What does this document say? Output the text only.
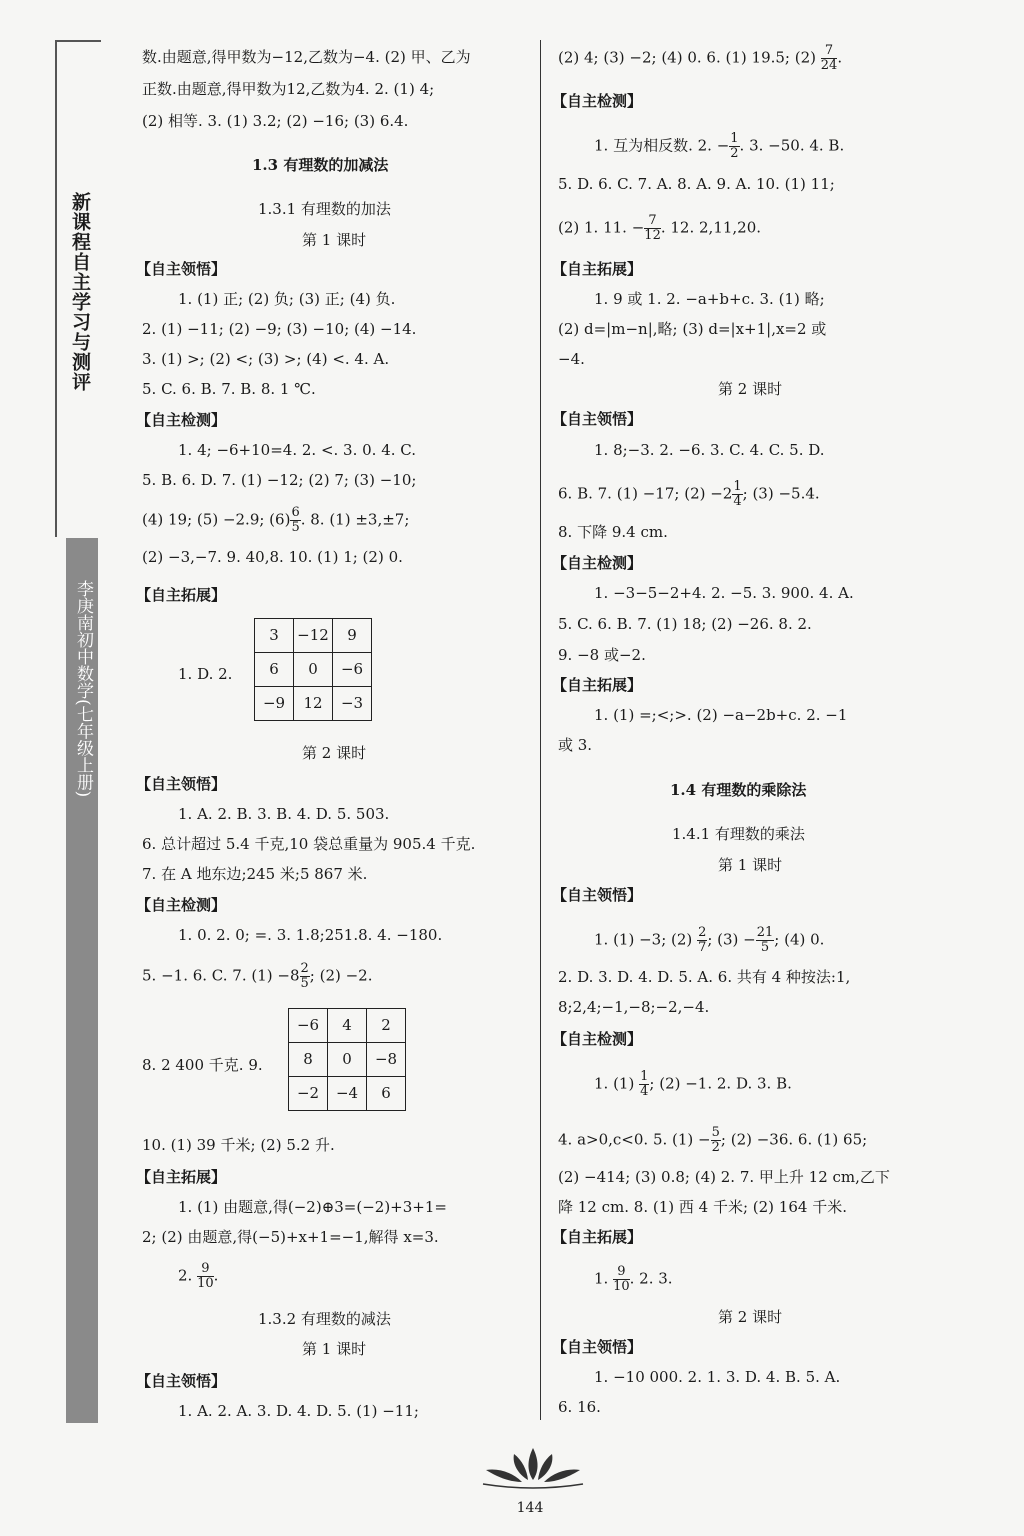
新课程自主学习与测评
李庚南初中数学(七年级上册)
数.由题意,得甲数为−12,乙数为−4. (2) 甲、乙为
正数.由题意,得甲数为12,乙数为4. 2. (1) 4;
(2) 相等. 3. (1) 3.2; (2) −16; (3) 6.4.
1.3 有理数的加减法
1.3.1 有理数的加法
第 1 课时
【自主领悟】
1. (1) 正; (2) 负; (3) 正; (4) 负.
2. (1) −11; (2) −9; (3) −10; (4) −14.
3. (1) >; (2) <; (3) >; (4) <. 4. A.
5. C. 6. B. 7. B. 8. 1 ℃.
【自主检测】
1. 4; −6+10=4. 2. <. 3. 0. 4. C.
5. B. 6. D. 7. (1) −12; (2) 7; (3) −10;
(4) 19; (5) −2.9; $(6) \frac{6}{5}$ . 8. (1) ±3,±7;
(2) −3,−7. 9. 40,8. 10. (1) 1; (2) 0.
【自主拓展】
1. D. 2.
3	−12	9
6	0	−6
−9	12	−3
第 2 课时
【自主领悟】
1. A. 2. B. 3. B. 4. D. 5. 503.
6. 总计超过 5.4 千克,10 袋总重量为 905.4 千克.
7. 在 A 地东边;245 米;5 867 米.
【自主检测】
1. 0. 2. 0; =. 3. 1.8;251.8. 4. −180.
5. −1. 6. C. 7. $(1) -8 \frac{2}{5}$ ; (2) −2.
8. 2 400 千克. 9.
−6	4	2
8	0	−8
−2	−4	6
10. (1) 39 千米; (2) 5.2 升.
【自主拓展】
1. (1) 由题意,得(−2)⊕3=(−2)+3+1=
2; (2) 由题意,得(−5)+x+1=−1,解得 x=3.
2. $\frac{9}{10}$ .
1.3.2 有理数的减法
第 1 课时
【自主领悟】
1. A. 2. A. 3. D. 4. D. 5. (1) −11;
(2) 4; (3) −2; (4) 0. 6. (1) 19.5; $(2) \frac{7}{24}$ .
【自主检测】
1. 互为相反数. 2. − $\frac{1}{2}$ . 3. −50. 4. B.
5. D. 6. C. 7. A. 8. A. 9. A. 10. (1) 11;
(2) 1. 11. − $\frac{7}{12}$ . 12. 2,11,20.
【自主拓展】
1. 9 或 1. 2. −a+b+c. 3. (1) 略;
(2) d=|m−n|,略; (3) d=|x+1|,x=2 或
−4.
第 2 课时
【自主领悟】
1. 8;−3. 2. −6. 3. C. 4. C. 5. D.
6. B. 7. (1) −17; $(2) -2 \frac{1}{4}$ ; (3) −5.4.
8. 下降 9.4 cm.
【自主检测】
1. −3−5−2+4. 2. −5. 3. 900. 4. A.
5. C. 6. B. 7. (1) 18; (2) −26. 8. 2.
9. −8 或−2.
【自主拓展】
1. (1) =;<;>. (2) −a−2b+c. 2. −1
或 3.
1.4 有理数的乘除法
1.4.1 有理数的乘法
第 1 课时
【自主领悟】
1. (1) −3; $(2) \frac{2}{7}$ ; $(3) - \frac{21}{5}$ ; (4) 0.
2. D. 3. D. 4. D. 5. A. 6. 共有 4 种按法:1,
8;2,4;−1,−8;−2,−4.
【自主检测】
1. $(1) \frac{1}{4}$ ; (2) −1. 2. D. 3. B.
4. a>0,c<0. 5. $(1) - \frac{5}{2}$ ; (2) −36. 6. (1) 65;
(2) −414; (3) 0.8; (4) 2. 7. 甲上升 12 cm,乙下
降 12 cm. 8. (1) 西 4 千米; (2) 164 千米.
【自主拓展】
1. $\frac{9}{10}$ . 2. 3.
第 2 课时
【自主领悟】
1. −10 000. 2. 1. 3. D. 4. B. 5. A.
6. 16.
144
